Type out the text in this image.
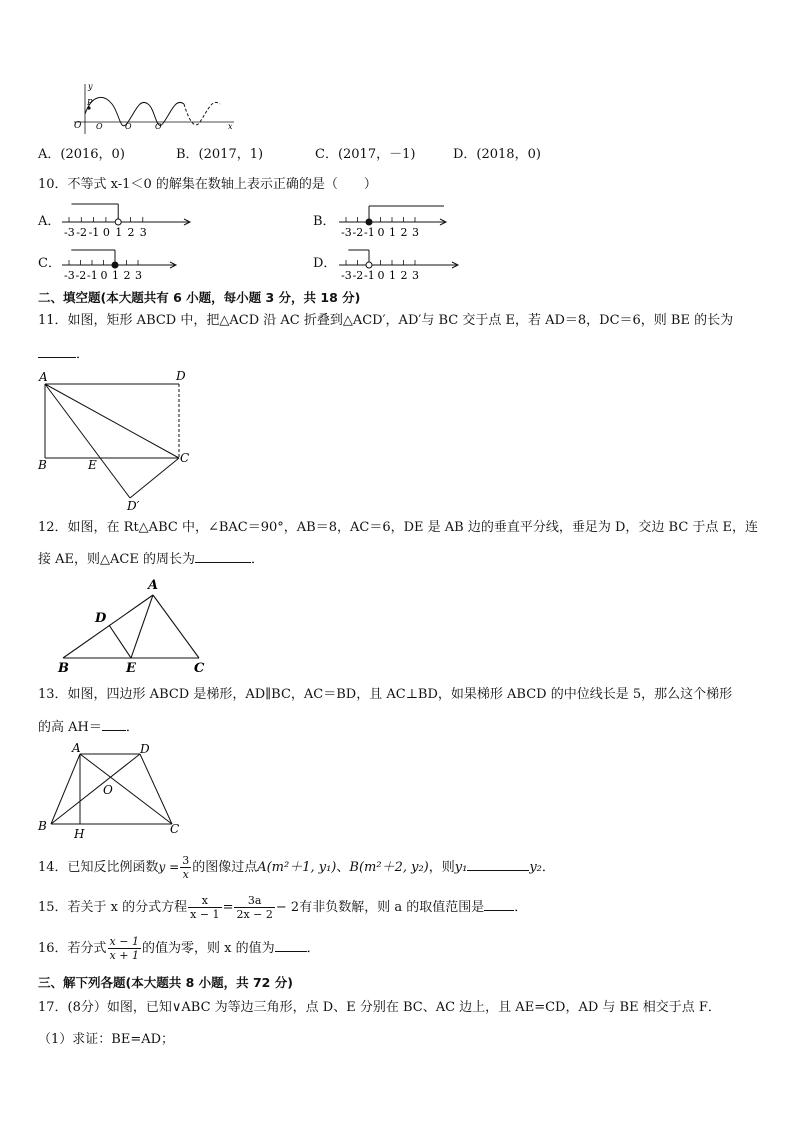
y
O
P
O	O	O	x
A．(2016，0)	B．(2017，1)	C．(2017，－1)	D．(2018，0)
10．不等式 x-1＜0 的解集在数轴上表示正确的是（　　）
A．	B．
C．	D．
-3 -2 -1 0 1 2 3	-3 -2 -1 0 1 2 3
-3 -2 -1 0 1 2 3	-3 -2 -1 0 1 2 3
二、填空题(本大题共有 6 小题，每小题 3 分，共 18 分)
11．如图，矩形 ABCD 中，把△ACD 沿 AC 折叠到△ACD′，AD′与 BC 交于点 E，若 AD＝8，DC＝6，则 BE 的长为
．
A	D
B	E	C
D′
12．如图，在 Rt△ABC 中，∠BAC＝90°，AB＝8，AC＝6，DE 是 AB 边的垂直平分线，垂足为 D，交边 BC 于点 E，连
接 AE，则△ACE 的周长为	．
A
D
B	E	C
13．如图，四边形 ABCD 是梯形，AD∥BC，AC＝BD，且 AC⊥BD，如果梯形 ABCD 的中位线长是 5，那么这个梯形
的高 AH＝ ．
A	D
O
B
H	C
14．已知反比例函数$y = \frac{3}{x}$ 的图像过点A(m²＋1, y₁)、B(m²＋2, y₂)，则y₁	y₂．
15．若关于 x 的分式方程 $\frac{x}{x - 1} = \frac{3a}{2x - 2} - 2$有非负数解，则 a 的取值范围是 ．
16．若分式 $\frac{x - 1}{x + 1}$ 的值为零，则 x 的值为 ．
三、解下列各题(本大题共 8 小题，共 72 分)
17．(8分）如图，已知∨ABC 为等边三角形，点 D、E 分别在 BC、AC 边上，且 AE=CD，AD 与 BE 相交于点 F．
（1）求证：BE=AD；
